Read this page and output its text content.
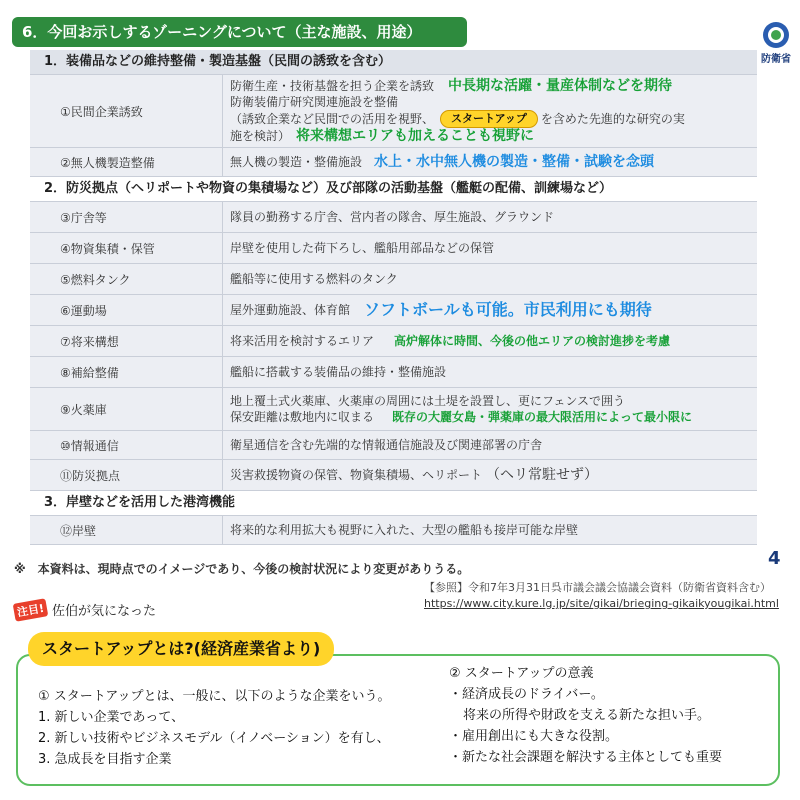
6．今回お示しするゾーニングについて（主な施設、用途）
防衛省
1．装備品などの維持整備・製造基盤（民間の誘致を含む）
①民間企業誘致
防衛生産・技術基盤を担う企業を誘致 中長期な活躍・量産体制などを期待
防衛装備庁研究関連施設を整備
（誘致企業など民間での活用を視野、	スタートアップ	を含めた先進的な研究の実
施を検討） 将来構想エリアも加えることも視野に
②無人機製造整備	無人機の製造・整備施設 水上・水中無人機の製造・整備・試験を念頭
2．防災拠点（ヘリポートや物資の集積場など）及び部隊の活動基盤（艦艇の配備、訓練場など）
③庁舎等	隊員の勤務する庁舎、営内者の隊舎、厚生施設、グラウンド
④物資集積・保管	岸壁を使用した荷下ろし、艦船用部品などの保管
⑤燃料タンク	艦船等に使用する燃料のタンク
⑥運動場	屋外運動施設、体育館 ソフトボールも可能。市民利用にも期待
⑦将来構想	将来活用を検討するエリア 高炉解体に時間、今後の他エリアの検討進捗を考慮
⑧補給整備	艦船に搭載する装備品の維持・整備施設
⑨火薬庫
地上覆土式火薬庫、火薬庫の周囲には土堤を設置し、更にフェンスで囲う
保安距離は敷地内に収まる 既存の大麗女島・弾薬庫の最大限活用によって最小限に
⑩情報通信	衛星通信を含む先端的な情報通信施設及び関連部署の庁舎
⑪防災拠点	災害救援物資の保管、物資集積場、ヘリポート （ヘリ常駐せず）
3．岸壁などを活用した港湾機能
⑫岸壁	将来的な利用拡大も視野に入れた、大型の艦船も接岸可能な岸壁
※　本資料は、現時点でのイメージであり、今後の検討状況により変更がありうる。	4
【参照】令和7年3月31日呉市議会議会協議会資料（防衛省資料含む）
https://www.city.kure.lg.jp/site/gikai/brieging-gikaikyougikai.html
注目! 佐伯が気になった
スタートアップとは?(経済産業省より)
① スタートアップとは、一般に、以下のような企業をいう。
1. 新しい企業であって、
2. 新しい技術やビジネスモデル（イノベーション）を有し、
3. 急成長を目指す企業
② スタートアップの意義
・経済成長のドライバー。
将来の所得や財政を支える新たな担い手。
・雇用創出にも大きな役割。
・新たな社会課題を解決する主体としても重要
